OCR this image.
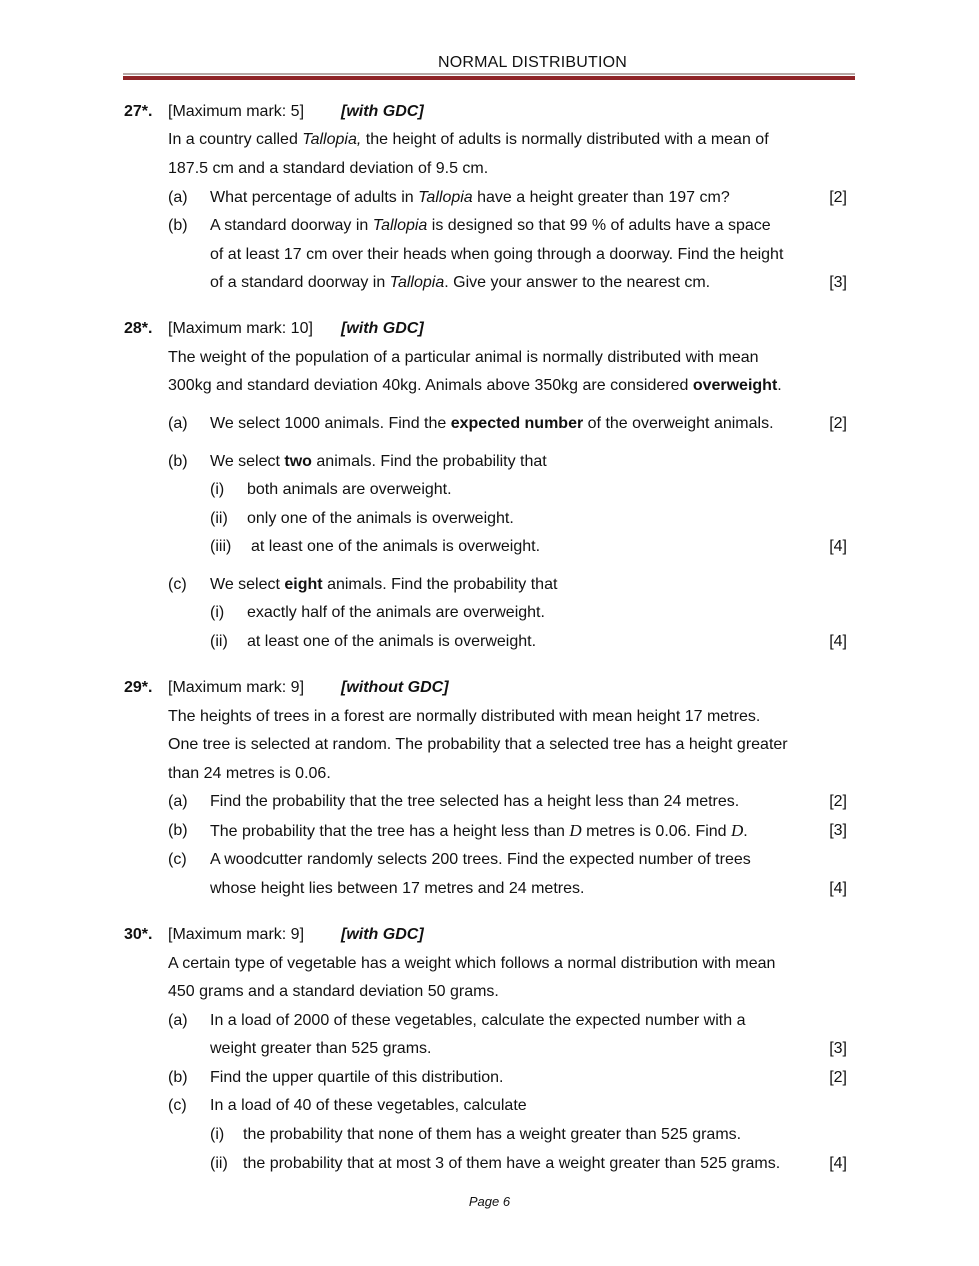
NORMAL DISTRIBUTION
27*. [Maximum mark: 5] [with GDC]
In a country called Tallopia, the height of adults is normally distributed with a mean of
187.5 cm and a standard deviation of 9.5 cm.
(a) What percentage of adults in Tallopia have a height greater than 197 cm?	[2]
(b) A standard doorway in Tallopia is designed so that 99 % of adults have a space
of at least 17 cm over their heads when going through a doorway. Find the height
of a standard doorway in Tallopia. Give your answer to the nearest cm.	[3]
28*. [Maximum mark: 10] [with GDC]
The weight of the population of a particular animal is normally distributed with mean
300kg and standard deviation 40kg. Animals above 350kg are considered overweight.
(a) We select 1000 animals. Find the expected number of the overweight animals.	[2]
(b) We select two animals. Find the probability that
(i) both animals are overweight.
(ii) only one of the animals is overweight.
(iii) at least one of the animals is overweight.	[4]
(c) We select eight animals. Find the probability that
(i) exactly half of the animals are overweight.
(ii) at least one of the animals is overweight.	[4]
29*. [Maximum mark: 9] [without GDC]
The heights of trees in a forest are normally distributed with mean height 17 metres.
One tree is selected at random. The probability that a selected tree has a height greater
than 24 metres is 0.06.
(a) Find the probability that the tree selected has a height less than 24 metres.	[2]
(b) The probability that the tree has a height less than D metres is 0.06. Find D.	[3]
(c) A woodcutter randomly selects 200 trees. Find the expected number of trees
whose height lies between 17 metres and 24 metres.	[4]
30*. [Maximum mark: 9] [with GDC]
A certain type of vegetable has a weight which follows a normal distribution with mean
450 grams and a standard deviation 50 grams.
(a) In a load of 2000 of these vegetables, calculate the expected number with a
weight greater than 525 grams.	[3]
(b) Find the upper quartile of this distribution.	[2]
(c) In a load of 40 of these vegetables, calculate
(i) the probability that none of them has a weight greater than 525 grams.
(ii) the probability that at most 3 of them have a weight greater than 525 grams.	[4]
Page 6
